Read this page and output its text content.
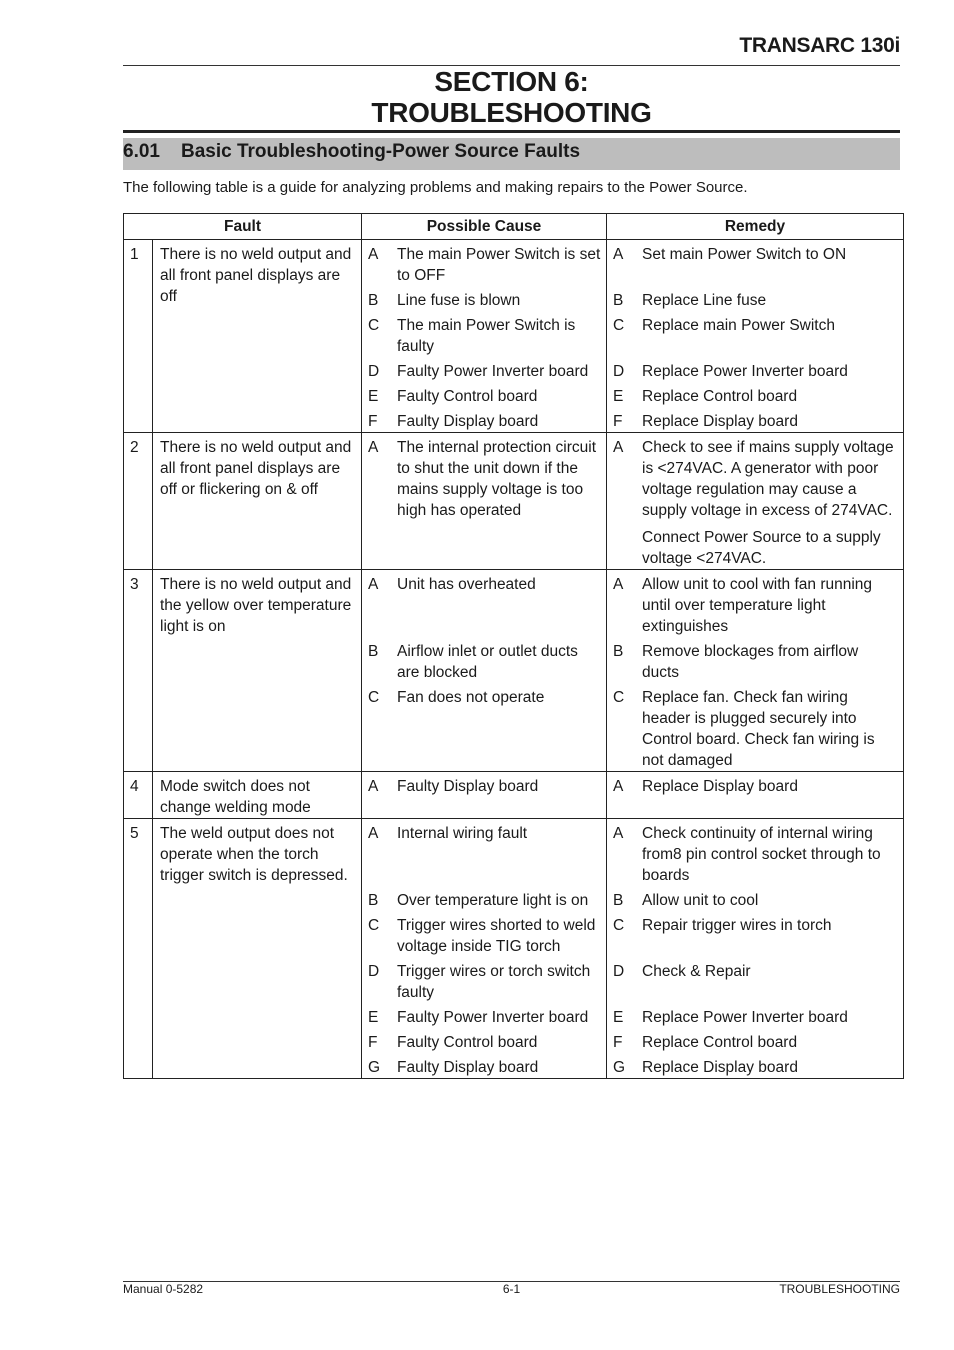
TRANSARC 130i
SECTION 6:
TROUBLESHOOTING
6.01 Basic Troubleshooting-Power Source Faults
The following table is a guide for analyzing problems and making repairs to the Power Source.
Fault		Possible Cause	Remedy

1	There is no weld output and all front panel displays are off	A The main Power Switch is set to OFF	A Set main Power Switch to ON

		B Line fuse is blown	B Replace Line fuse

		C The main Power Switch is faulty	C Replace main Power Switch

		D Faulty Power Inverter board	D Replace Power Inverter board

		E Faulty Control board	E Replace Control board

		F Faulty Display board	F Replace Display board

2	There is no weld output and all front panel displays are off or flickering on & off	A The internal protection circuit to shut the unit down if the mains supply voltage is too high has operated	A Check to see if mains supply voltage is <274VAC. A generator with poor voltage regulation may cause a supply voltage in excess of 274VAC.

			Connect Power Source to a supply voltage <274VAC.

3	There is no weld output and the yellow over temperature light is on	A Unit has overheated	A Allow unit to cool with fan running until over temperature light extinguishes

		B Airflow inlet or outlet ducts are blocked	B Remove blockages from airflow ducts

		C Fan does not operate	C Replace fan. Check fan wiring header is plugged securely into Control board. Check fan wiring is not damaged

4	Mode switch does not change welding mode	A Faulty Display board	A Replace Display board

5	The weld output does not operate when the torch trigger switch is depressed.	A Internal wiring fault	A Check continuity of internal wiring from8 pin control socket through to boards

		B Over temperature light is on	B Allow unit to cool

		C Trigger wires shorted to weld voltage inside TIG torch	C Repair trigger wires in torch

		D Trigger wires or torch switch faulty	D Check & Repair

		E Faulty Power Inverter board	E Replace Power Inverter board

		F Faulty Control board	F Replace Control board

		G Faulty Display board	G Replace Display board
Manual 0-5282	6-1	TROUBLESHOOTING
